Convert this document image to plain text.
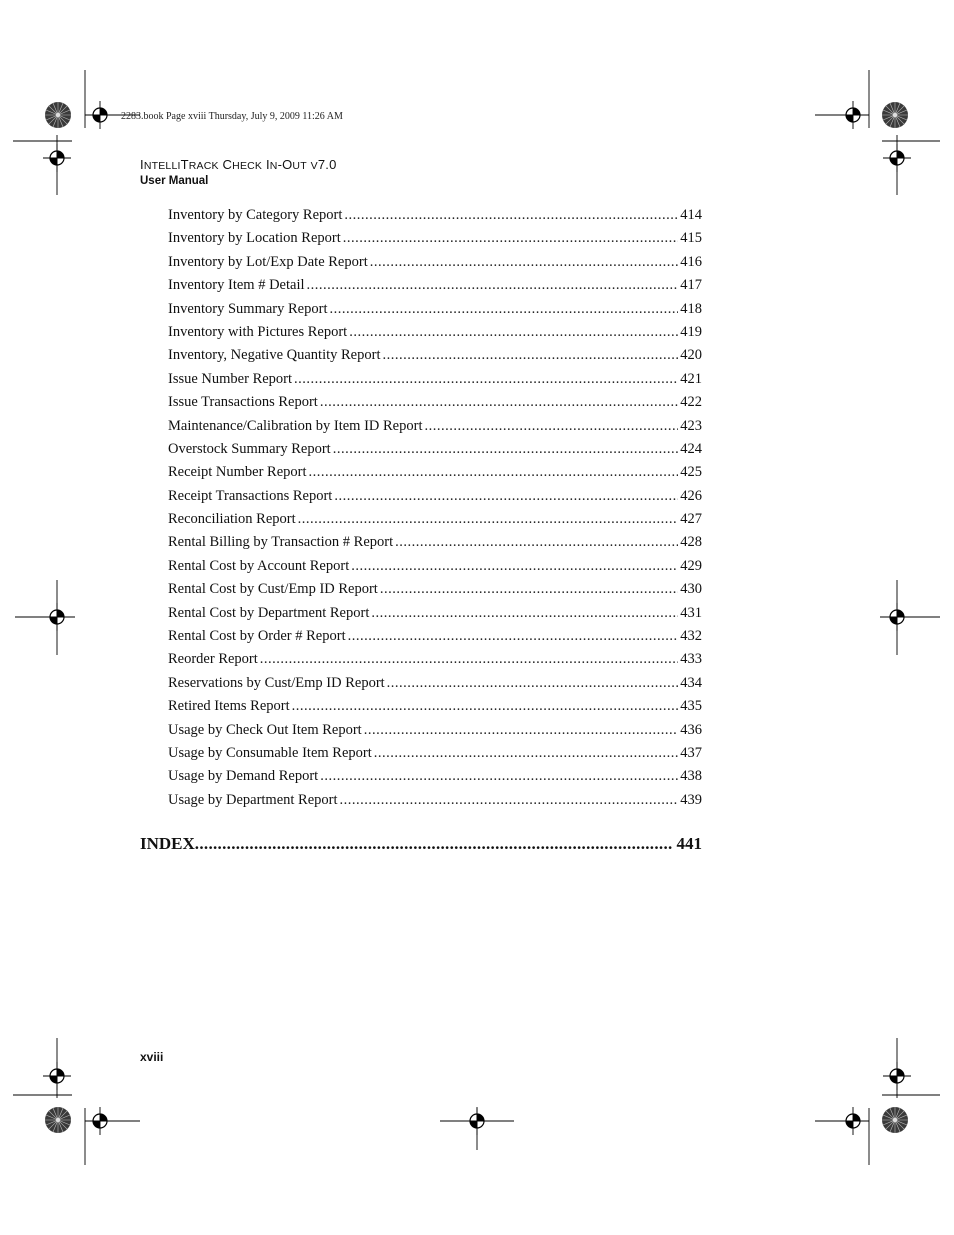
2283.book Page xviii Thursday, July 9, 2009 11:26 AM
INTELLITRACK CHECK IN-OUT V7.0
User Manual
Inventory by Category Report .....	414
Inventory by Location Report .....	415
Inventory by Lot/Exp Date Report .....	416
Inventory Item # Detail .....	417
Inventory Summary Report .....	418
Inventory with Pictures Report .....	419
Inventory, Negative Quantity Report .....	420
Issue Number Report .....	421
Issue Transactions Report .....	422
Maintenance/Calibration by Item ID Report .....	423
Overstock Summary Report .....	424
Receipt Number Report .....	425
Receipt Transactions Report .....	426
Reconciliation Report .....	427
Rental Billing by Transaction # Report .....	428
Rental Cost by Account Report .....	429
Rental Cost by Cust/Emp ID Report .....	430
Rental Cost by Department Report .....	431
Rental Cost by Order # Report .....	432
Reorder Report .....	433
Reservations by Cust/Emp ID Report .....	434
Retired Items Report .....	435
Usage by Check Out Item Report .....	436
Usage by Consumable Item Report .....	437
Usage by Demand Report .....	438
Usage by Department Report .....	439
INDEX .....	441
xviii
